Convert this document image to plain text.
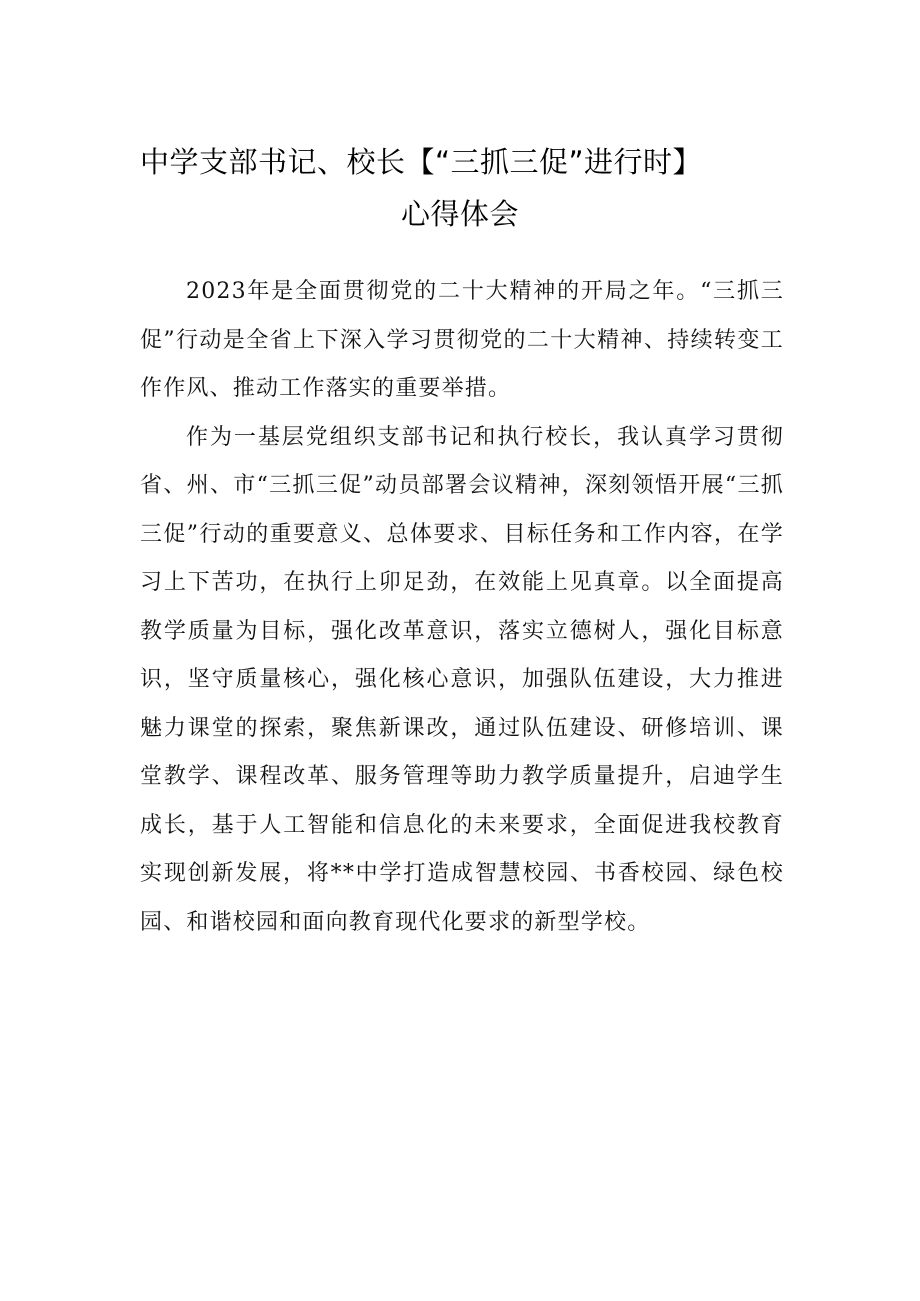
中学支部书记、校长【“三抓三促”进行时】
心得体会

2023年是全面贯彻党的二十大精神的开局之年。“三抓三促”行动是全省上下深入学习贯彻党的二十大精神、持续转变工作作风、推动工作落实的重要举措。

作为一基层党组织支部书记和执行校长，我认真学习贯彻省、州、市“三抓三促”动员部署会议精神，深刻领悟开展“三抓三促”行动的重要意义、总体要求、目标任务和工作内容，在学习上下苦功，在执行上卯足劲，在效能上见真章。以全面提高教学质量为目标，强化改革意识，落实立德树人，强化目标意识，坚守质量核心，强化核心意识，加强队伍建设，大力推进魅力课堂的探索，聚焦新课改，通过队伍建设、研修培训、课堂教学、课程改革、服务管理等助力教学质量提升，启迪学生成长，基于人工智能和信息化的未来要求，全面促进我校教育实现创新发展，将**中学打造成智慧校园、书香校园、绿色校园、和谐校园和面向教育现代化要求的新型学校。
